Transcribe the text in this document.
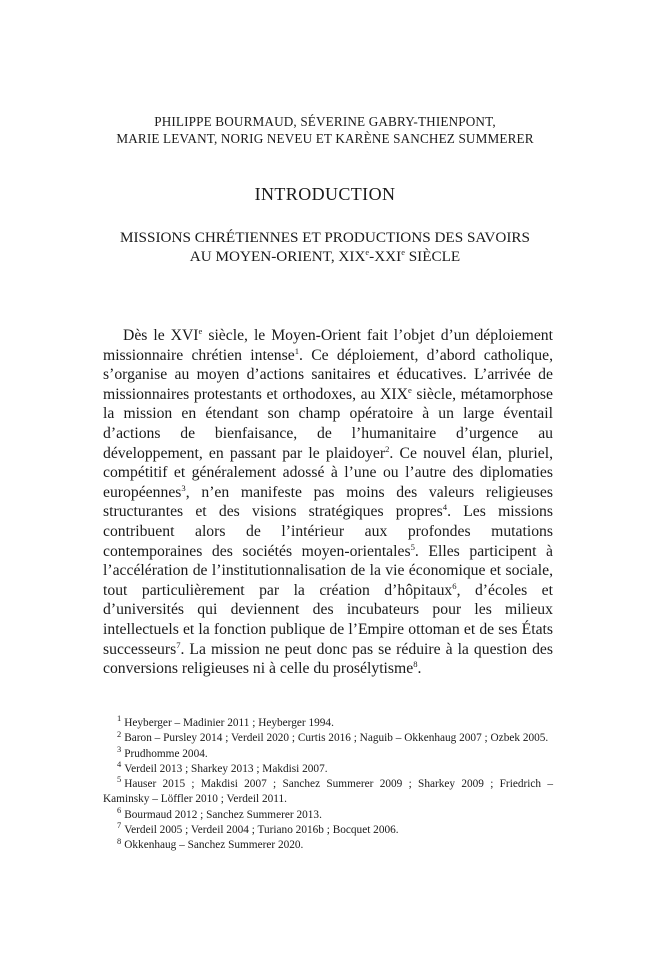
PHILIPPE BOURMAUD, SÉVERINE GABRY-THIENPONT,
MARIE LEVANT, NORIG NEVEU ET KARÈNE SANCHEZ SUMMERER
INTRODUCTION
MISSIONS CHRÉTIENNES ET PRODUCTIONS DES SAVOIRS
AU MOYEN-ORIENT, XIXe-XXIe SIÈCLE

Dès le XVIe siècle, le Moyen-Orient fait l’objet d’un déploiement missionnaire chrétien intense$^1$. Ce déploiement, d’abord catholique, s’organise au moyen d’actions sanitaires et éducatives. L’arrivée de missionnaires protestants et orthodoxes, au XIXe siècle, métamorphose la mission en étendant son champ opératoire à un large éventail d’actions de bienfaisance, de l’humanitaire d’urgence au développement, en passant par le plaidoyer$^2$. Ce nouvel élan, pluriel, compétitif et généralement adossé à l’une ou l’autre des diplomaties européennes$^3$, n’en manifeste pas moins des valeurs religieuses structurantes et des visions stratégiques propres$^4$. Les missions contribuent alors de l’intérieur aux profondes mutations contemporaines des sociétés moyen-orientales$^5$. Elles participent à l’accélération de l’institutionnalisation de la vie économique et sociale, tout particulièrement par la création d’hôpitaux$^6$, d’écoles et d’universités qui deviennent des incubateurs pour les milieux intellectuels et la fonction publique de l’Empire ottoman et de ses États successeurs$^7$. La mission ne peut donc pas se réduire à la question des conversions religieuses ni à celle du prosélytisme$^8$.

$^1$ Heyberger – Madinier 2011 ; Heyberger 1994.
$^2$ Baron – Pursley 2014 ; Verdeil 2020 ; Curtis 2016 ; Naguib – Okkenhaug 2007 ; Ozbek 2005.
$^3$ Prudhomme 2004.
$^4$ Verdeil 2013 ; Sharkey 2013 ; Makdisi 2007.
$^5$ Hauser 2015 ; Makdisi 2007 ; Sanchez Summerer 2009 ; Sharkey 2009 ; Friedrich – Kaminsky – Löffler 2010 ; Verdeil 2011.
$^6$ Bourmaud 2012 ; Sanchez Summerer 2013.
$^7$ Verdeil 2005 ; Verdeil 2004 ; Turiano 2016b ; Bocquet 2006.
$^8$ Okkenhaug – Sanchez Summerer 2020.
